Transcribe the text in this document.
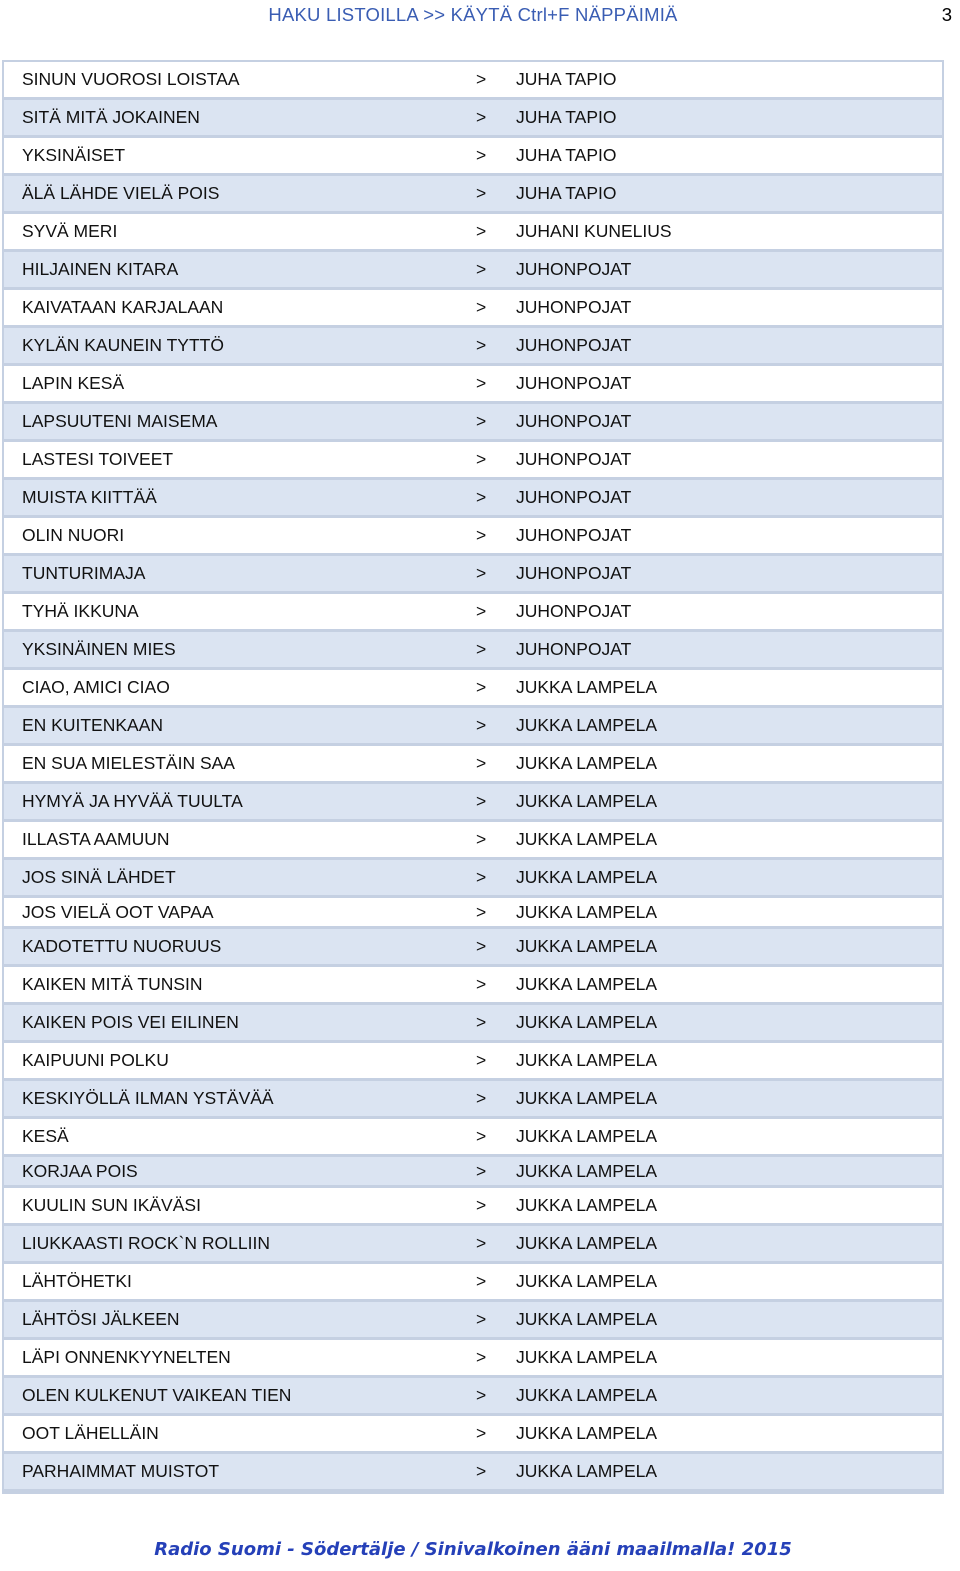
HAKU LISTOILLA >> KÄYTÄ Ctrl+F NÄPPÄIMIÄ	3
SINUN VUOROSI LOISTAA	>	JUHA TAPIO
SITÄ MITÄ JOKAINEN	>	JUHA TAPIO
YKSINÄISET	>	JUHA TAPIO
ÄLÄ LÄHDE VIELÄ POIS	>	JUHA TAPIO
SYVÄ MERI	>	JUHANI KUNELIUS
HILJAINEN KITARA	>	JUHONPOJAT
KAIVATAAN KARJALAAN	>	JUHONPOJAT
KYLÄN KAUNEIN TYTTÖ	>	JUHONPOJAT
LAPIN KESÄ	>	JUHONPOJAT
LAPSUUTENI MAISEMA	>	JUHONPOJAT
LASTESI TOIVEET	>	JUHONPOJAT
MUISTA KIITTÄÄ	>	JUHONPOJAT
OLIN NUORI	>	JUHONPOJAT
TUNTURIMAJA	>	JUHONPOJAT
TYHÄ IKKUNA	>	JUHONPOJAT
YKSINÄINEN MIES	>	JUHONPOJAT
CIAO, AMICI CIAO	>	JUKKA LAMPELA
EN KUITENKAAN	>	JUKKA LAMPELA
EN SUA MIELESTÄIN SAA	>	JUKKA LAMPELA
HYMYÄ JA HYVÄÄ TUULTA	>	JUKKA LAMPELA
ILLASTA AAMUUN	>	JUKKA LAMPELA
JOS SINÄ LÄHDET	>	JUKKA LAMPELA
JOS VIELÄ OOT VAPAA	>	JUKKA LAMPELA
KADOTETTU NUORUUS	>	JUKKA LAMPELA
KAIKEN MITÄ TUNSIN	>	JUKKA LAMPELA
KAIKEN POIS VEI EILINEN	>	JUKKA LAMPELA
KAIPUUNI POLKU	>	JUKKA LAMPELA
KESKIYÖLLÄ ILMAN YSTÄVÄÄ	>	JUKKA LAMPELA
KESÄ	>	JUKKA LAMPELA
KORJAA POIS	>	JUKKA LAMPELA
KUULIN SUN IKÄVÄSI	>	JUKKA LAMPELA
LIUKKAASTI ROCK`N ROLLIIN	>	JUKKA LAMPELA
LÄHTÖHETKI	>	JUKKA LAMPELA
LÄHTÖSI JÄLKEEN	>	JUKKA LAMPELA
LÄPI ONNENKYYNELTEN	>	JUKKA LAMPELA
OLEN KULKENUT VAIKEAN TIEN	>	JUKKA LAMPELA
OOT LÄHELLÄIN	>	JUKKA LAMPELA
PARHAIMMAT MUISTOT	>	JUKKA LAMPELA
Radio Suomi - Södertälje / Sinivalkoinen ääni maailmalla! 2015
